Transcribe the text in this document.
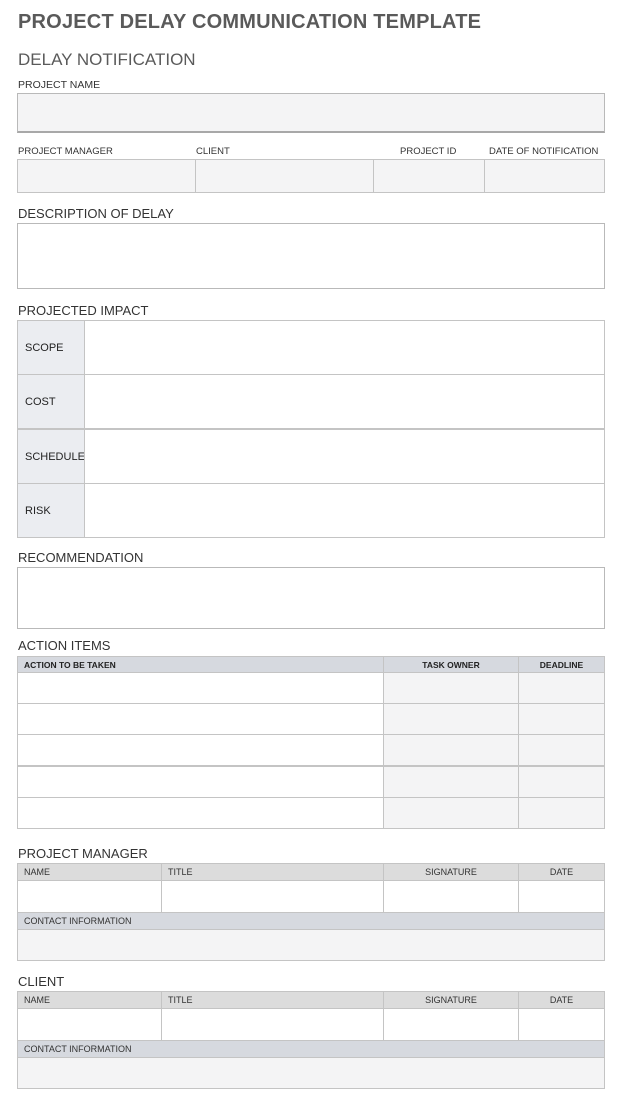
PROJECT DELAY COMMUNICATION TEMPLATE
DELAY NOTIFICATION
PROJECT NAME
PROJECT MANAGER	CLIENT	PROJECT ID	DATE OF NOTIFICATION
DESCRIPTION OF DELAY
PROJECTED IMPACT
SCOPE
COST
SCHEDULE
RISK
RECOMMENDATION
ACTION ITEMS
ACTION TO BE TAKEN	TASK OWNER	DEADLINE
PROJECT MANAGER
NAME	TITLE	SIGNATURE	DATE
CONTACT INFORMATION
CLIENT
NAME	TITLE	SIGNATURE	DATE
CONTACT INFORMATION
